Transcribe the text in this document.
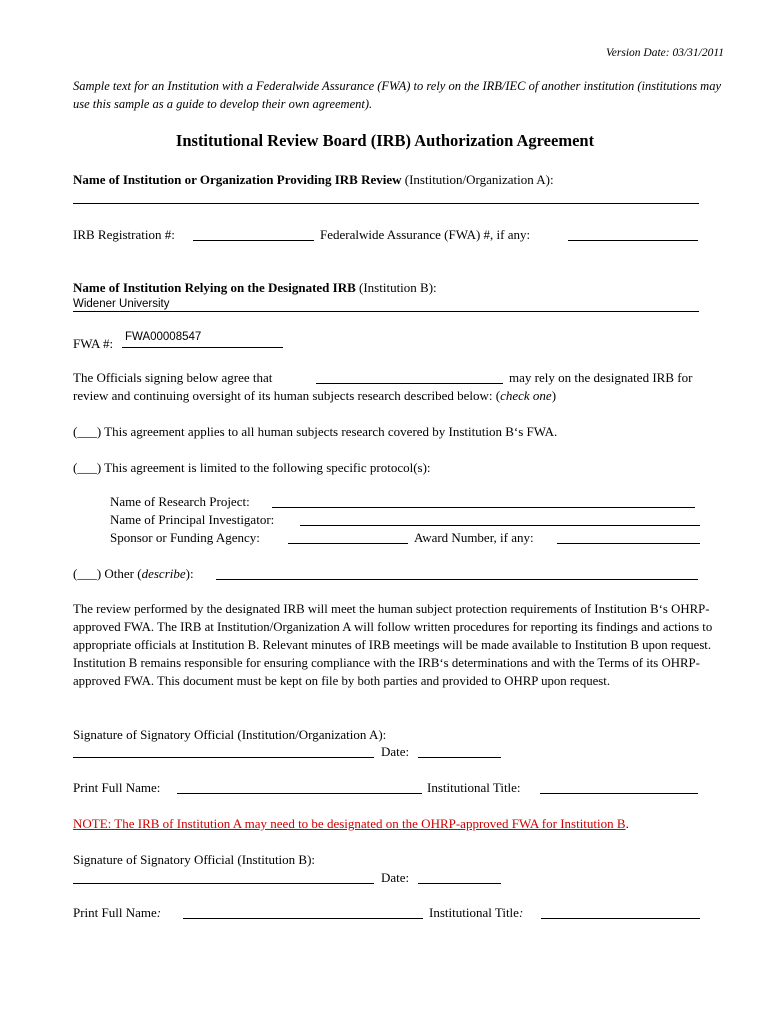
Version Date: 03/31/2011
Sample text for an Institution with a Federalwide Assurance (FWA) to rely on the IRB/IEC of another institution (institutions may use this sample as a guide to develop their own agreement).
Institutional Review Board (IRB) Authorization Agreement
Name of Institution or Organization Providing IRB Review (Institution/Organization A):
IRB Registration #:	Federalwide Assurance (FWA) #, if any:
Name of Institution Relying on the Designated IRB (Institution B):
Widener University
FWA #: FWA00008547
The Officials signing below agree that	may rely on the designated IRB for
review and continuing oversight of its human subjects research described below: (check one)
(___) This agreement applies to all human subjects research covered by Institution B‘s FWA.
(___) This agreement is limited to the following specific protocol(s):
Name of Research Project:
Name of Principal Investigator:
Sponsor or Funding Agency:	Award Number, if any:
(___) Other (describe):
The review performed by the designated IRB will meet the human subject protection requirements of Institution B‘s OHRP-approved FWA. The IRB at Institution/Organization A will follow written procedures for reporting its findings and actions to appropriate officials at Institution B. Relevant minutes of IRB meetings will be made available to Institution B upon request. Institution B remains responsible for ensuring compliance with the IRB‘s determinations and with the Terms of its OHRP-approved FWA. This document must be kept on file by both parties and provided to OHRP upon request.
Signature of Signatory Official (Institution/Organization A):
Date:
Print Full Name:	Institutional Title:
NOTE: The IRB of Institution A may need to be designated on the OHRP-approved FWA for Institution B.
Signature of Signatory Official (Institution B):
Date:
Print Full Name:	Institutional Title:
